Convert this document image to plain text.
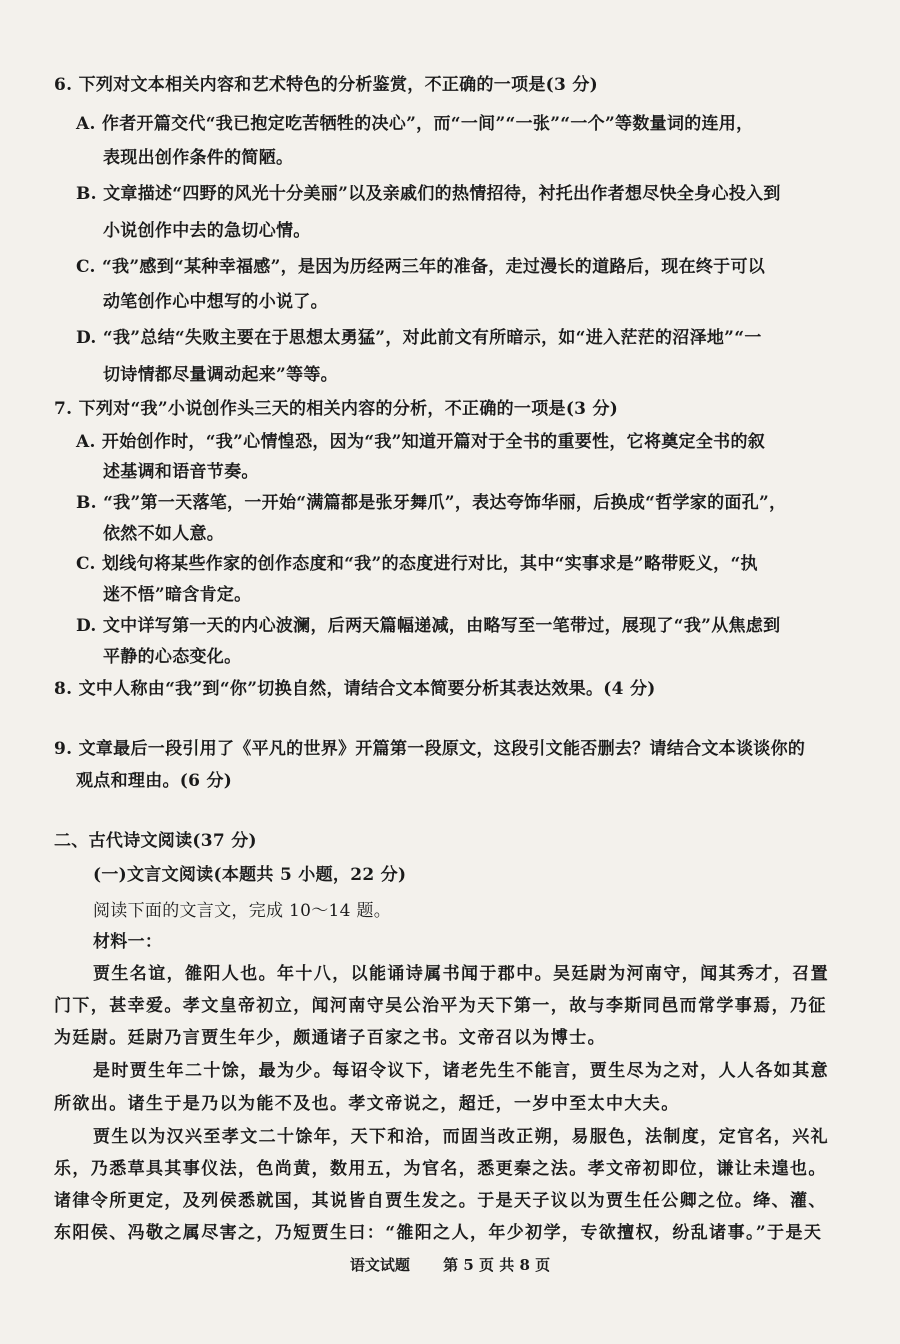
6. 下列对文本相关内容和艺术特色的分析鉴赏，不正确的一项是(3 分)
A. 作者开篇交代“我已抱定吃苦牺牲的决心”，而“一间”“一张”“一个”等数量词的连用，
表现出创作条件的简陋。
B. 文章描述“四野的风光十分美丽”以及亲戚们的热情招待，衬托出作者想尽快全身心投入到
小说创作中去的急切心情。
C. “我”感到“某种幸福感”，是因为历经两三年的准备，走过漫长的道路后，现在终于可以
动笔创作心中想写的小说了。
D. “我”总结“失败主要在于思想太勇猛”，对此前文有所暗示，如“进入茫茫的沼泽地”“一
切诗情都尽量调动起来”等等。
7. 下列对“我”小说创作头三天的相关内容的分析，不正确的一项是(3 分)
A. 开始创作时，“我”心情惶恐，因为“我”知道开篇对于全书的重要性，它将奠定全书的叙
述基调和语音节奏。
B. “我”第一天落笔，一开始“满篇都是张牙舞爪”，表达夸饰华丽，后换成“哲学家的面孔”，
依然不如人意。
C. 划线句将某些作家的创作态度和“我”的态度进行对比，其中“实事求是”略带贬义，“执
迷不悟”暗含肯定。
D. 文中详写第一天的内心波澜，后两天篇幅递减，由略写至一笔带过，展现了“我”从焦虑到
平静的心态变化。
8. 文中人称由“我”到“你”切换自然，请结合文本简要分析其表达效果。(4 分)
9. 文章最后一段引用了《平凡的世界》开篇第一段原文，这段引文能否删去？请结合文本谈谈你的
观点和理由。(6 分)
二、古代诗文阅读(37 分)
(一)文言文阅读(本题共 5 小题，22 分)
阅读下面的文言文，完成 10～14 题。
材料一：
贾生名谊，雒阳人也。年十八，以能诵诗属书闻于郡中。吴廷尉为河南守，闻其秀才，召置
门下，甚幸爱。孝文皇帝初立，闻河南守吴公治平为天下第一，故与李斯同邑而常学事焉，乃征
为廷尉。廷尉乃言贾生年少，颇通诸子百家之书。文帝召以为博士。
是时贾生年二十馀，最为少。每诏令议下，诸老先生不能言，贾生尽为之对，人人各如其意
所欲出。诸生于是乃以为能不及也。孝文帝说之，超迁，一岁中至太中大夫。
贾生以为汉兴至孝文二十馀年，天下和洽，而固当改正朔，易服色，法制度，定官名，兴礼
乐，乃悉草具其事仪法，色尚黄，数用五，为官名，悉更秦之法。孝文帝初即位，谦让未遑也。
诸律令所更定，及列侯悉就国，其说皆自贾生发之。于是天子议以为贾生任公卿之位。绛、灌、
东阳侯、冯敬之属尽害之，乃短贾生曰：“雒阳之人，年少初学，专欲擅权，纷乱诸事。”于是天
语文试题 第 5 页 共 8 页
